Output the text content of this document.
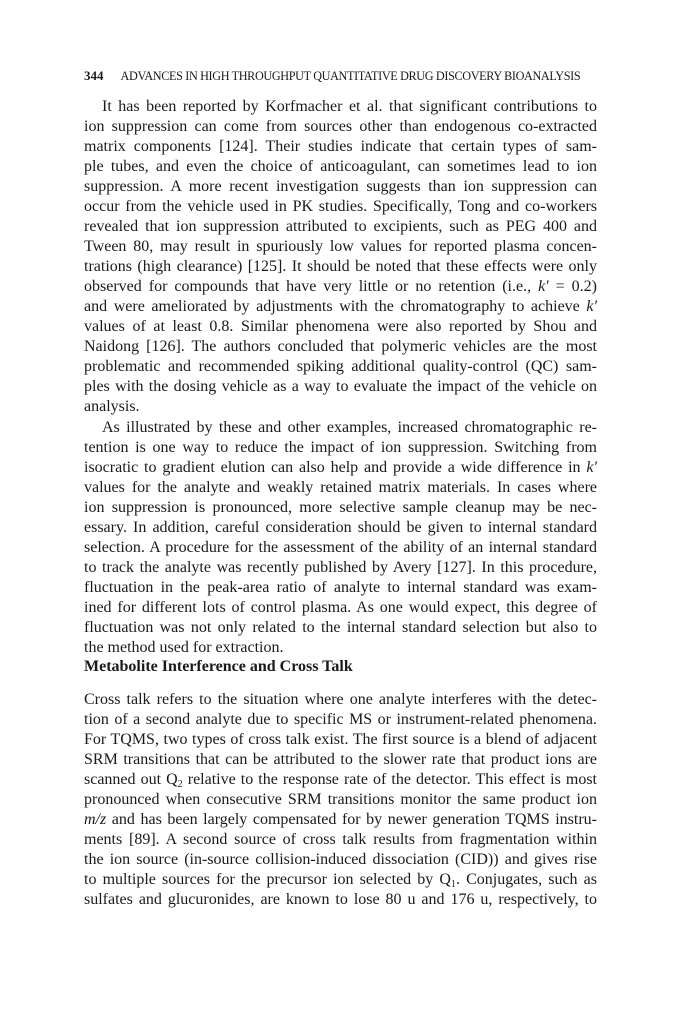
344 ADVANCES IN HIGH THROUGHPUT QUANTITATIVE DRUG DISCOVERY BIOANALYSIS
It has been reported by Korfmacher et al. that significant contributions to
ion suppression can come from sources other than endogenous co-extracted
matrix components [124]. Their studies indicate that certain types of sam-
ple tubes, and even the choice of anticoagulant, can sometimes lead to ion
suppression. A more recent investigation suggests than ion suppression can
occur from the vehicle used in PK studies. Specifically, Tong and co-workers
revealed that ion suppression attributed to excipients, such as PEG 400 and
Tween 80, may result in spuriously low values for reported plasma concen-
trations (high clearance) [125]. It should be noted that these effects were only
observed for compounds that have very little or no retention (i.e., k′ = 0.2)
and were ameliorated by adjustments with the chromatography to achieve k′
values of at least 0.8. Similar phenomena were also reported by Shou and
Naidong [126]. The authors concluded that polymeric vehicles are the most
problematic and recommended spiking additional quality-control (QC) sam-
ples with the dosing vehicle as a way to evaluate the impact of the vehicle on
analysis.
As illustrated by these and other examples, increased chromatographic re-
tention is one way to reduce the impact of ion suppression. Switching from
isocratic to gradient elution can also help and provide a wide difference in k′
values for the analyte and weakly retained matrix materials. In cases where
ion suppression is pronounced, more selective sample cleanup may be nec-
essary. In addition, careful consideration should be given to internal standard
selection. A procedure for the assessment of the ability of an internal standard
to track the analyte was recently published by Avery [127]. In this procedure,
fluctuation in the peak-area ratio of analyte to internal standard was exam-
ined for different lots of control plasma. As one would expect, this degree of
fluctuation was not only related to the internal standard selection but also to
the method used for extraction.
Metabolite Interference and Cross Talk
Cross talk refers to the situation where one analyte interferes with the detec-
tion of a second analyte due to specific MS or instrument-related phenomena.
For TQMS, two types of cross talk exist. The first source is a blend of adjacent
SRM transitions that can be attributed to the slower rate that product ions are
scanned out $Q_2$ relative to the response rate of the detector. This effect is most
pronounced when consecutive SRM transitions monitor the same product ion
m/z and has been largely compensated for by newer generation TQMS instru-
ments [89]. A second source of cross talk results from fragmentation within
the ion source (in-source collision-induced dissociation (CID)) and gives rise
to multiple sources for the precursor ion selected by $Q_1$. Conjugates, such as
sulfates and glucuronides, are known to lose 80 u and 176 u, respectively, to
